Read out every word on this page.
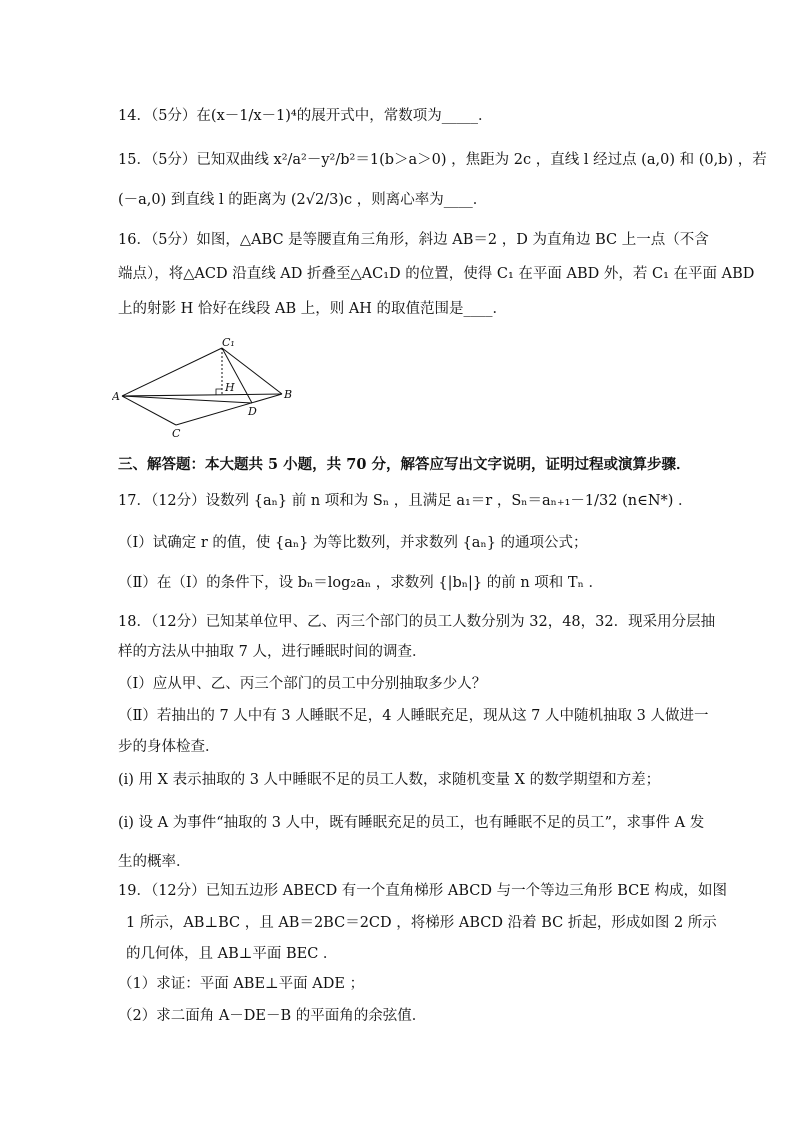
14．（5分）在(x－1/x－1)⁴的展开式中，常数项为_____．
15．（5分）已知双曲线 x²/a²－y²/b²＝1(b＞a＞0) ，焦距为 2c ，直线 l 经过点 (a,0) 和 (0,b) ，若
(－a,0) 到直线 l 的距离为 (2√2/3)c ，则离心率为____．
16．（5分）如图，△ABC 是等腰直角三角形，斜边 AB＝2 ，D 为直角边 BC 上一点（不含
端点），将△ACD 沿直线 AD 折叠至△AC₁D 的位置，使得 C₁ 在平面 ABD 外，若 C₁ 在平面 ABD
上的射影 H 恰好在线段 AB 上，则 AH 的取值范围是____．
A	B
C₁
H
D
C
三、解答题：本大题共 5 小题，共 70 分，解答应写出文字说明，证明过程或演算步骤．
17．（12分）设数列 {aₙ} 前 n 项和为 Sₙ ，且满足 a₁＝r ，Sₙ＝aₙ₊₁－1/32 (n∈N*) ．
（Ⅰ）试确定 r 的值，使 {aₙ} 为等比数列，并求数列 {aₙ} 的通项公式；
（Ⅱ）在（Ⅰ）的条件下，设 bₙ＝log₂aₙ ，求数列 {|bₙ|} 的前 n 项和 Tₙ ．
18．（12分）已知某单位甲、乙、丙三个部门的员工人数分别为 32，48，32．现采用分层抽
样的方法从中抽取 7 人，进行睡眠时间的调查．
（Ⅰ）应从甲、乙、丙三个部门的员工中分别抽取多少人？
（Ⅱ）若抽出的 7 人中有 3 人睡眠不足，4 人睡眠充足，现从这 7 人中随机抽取 3 人做进一
步的身体检查．
(i) 用 X 表示抽取的 3 人中睡眠不足的员工人数，求随机变量 X 的数学期望和方差；
(i) 设 A 为事件“抽取的 3 人中，既有睡眠充足的员工，也有睡眠不足的员工”，求事件 A 发
生的概率．
19．（12分）已知五边形 ABECD 有一个直角梯形 ABCD 与一个等边三角形 BCE 构成，如图
1 所示，AB⊥BC ，且 AB＝2BC＝2CD ，将梯形 ABCD 沿着 BC 折起，形成如图 2 所示
的几何体，且 AB⊥平面 BEC ．
（1）求证：平面 ABE⊥平面 ADE ；
（2）求二面角 A－DE－B 的平面角的余弦值．
